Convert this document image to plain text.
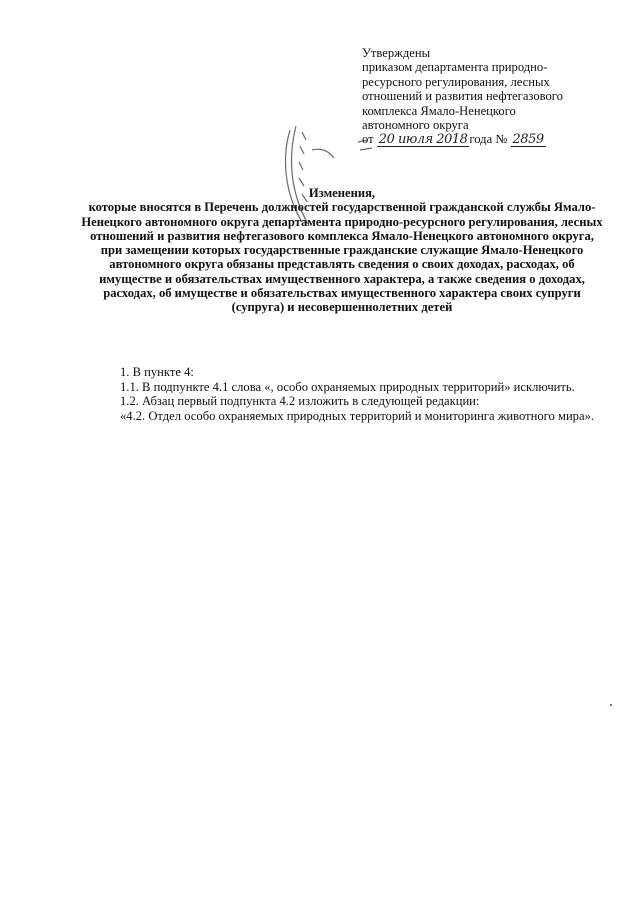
Утверждены
приказом департамента природно-
ресурсного регулирования, лесных
отношений и развития нефтегазового
комплекса Ямало-Ненецкого
автономного округа
от 20 июля 2018 года № 2859
Изменения,
которые вносятся в Перечень должностей государственной гражданской службы Ямало-Ненецкого автономного округа департамента природно-ресурсного регулирования, лесных отношений и развития нефтегазового комплекса Ямало-Ненецкого автономного округа, при замещении которых государственные гражданские служащие Ямало-Ненецкого автономного округа обязаны представлять сведения о своих доходах, расходах, об имуществе и обязательствах имущественного характера, а также сведения о доходах, расходах, об имуществе и обязательствах имущественного характера своих супруги (супруга) и несовершеннолетних детей
1. В пункте 4:
1.1. В подпункте 4.1 слова «, особо охраняемых природных территорий» исключить.
1.2. Абзац первый подпункта 4.2 изложить в следующей редакции:
«4.2. Отдел особо охраняемых природных территорий и мониторинга животного мира».
